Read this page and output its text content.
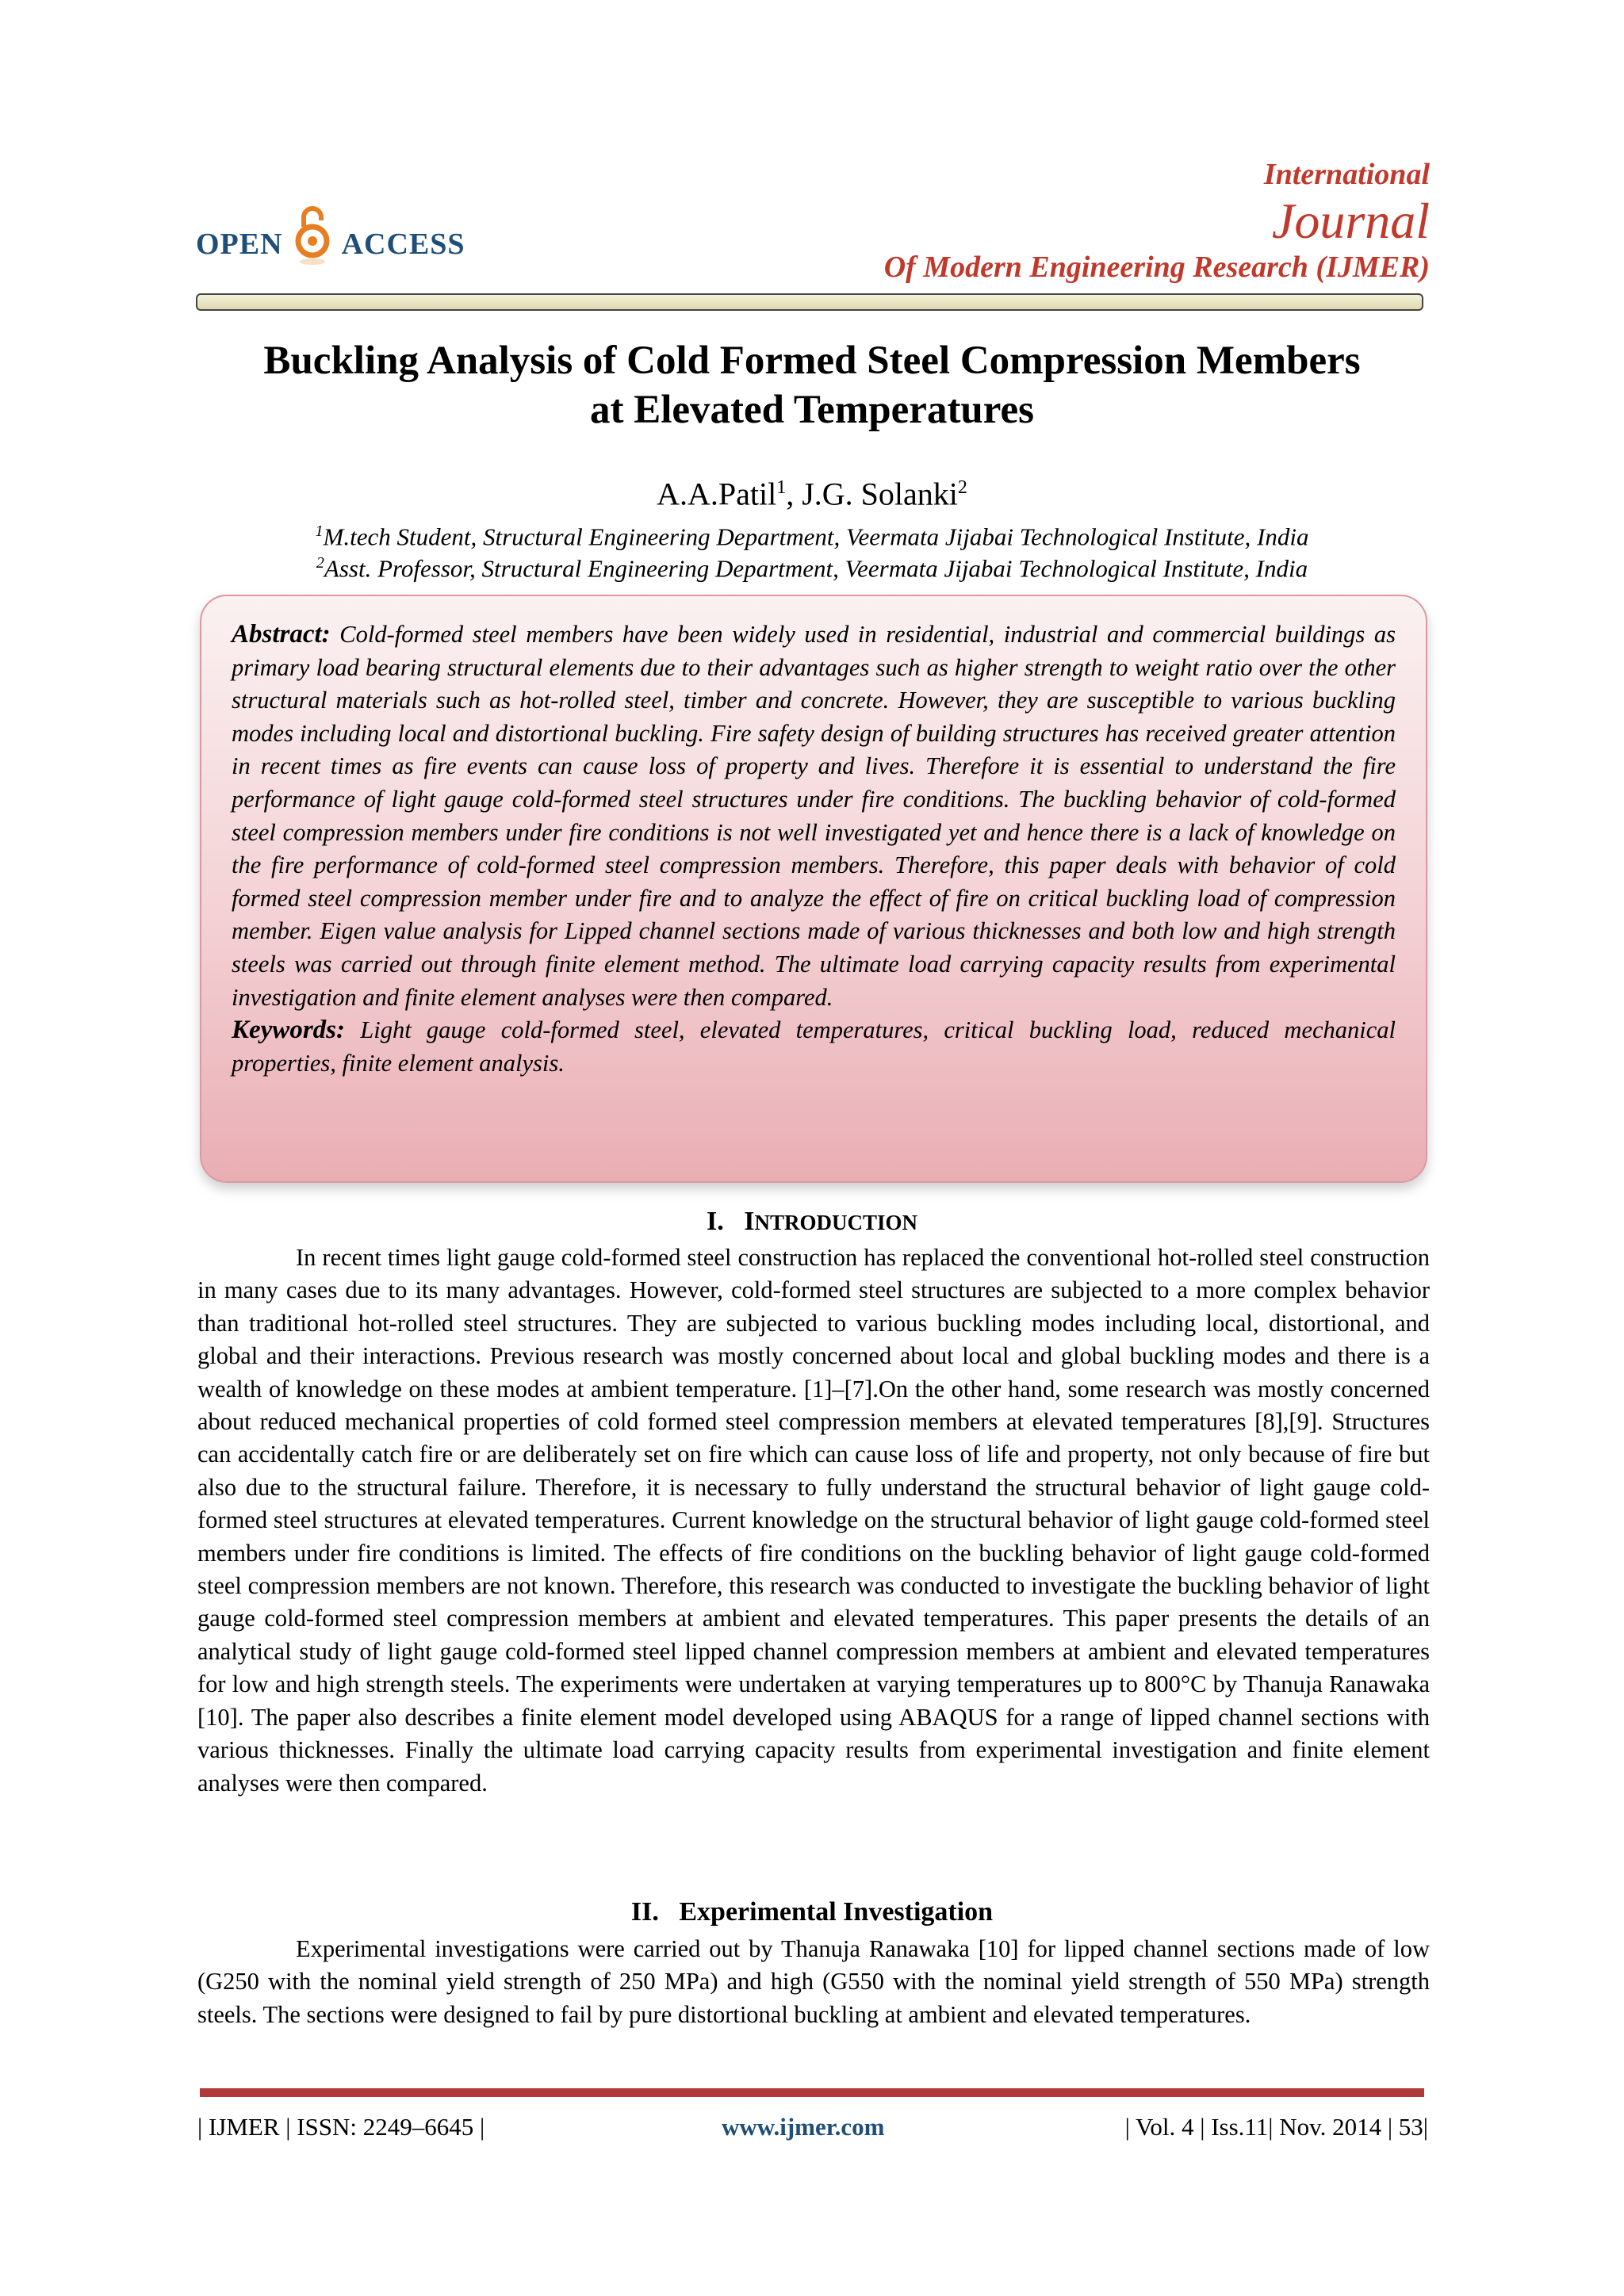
OPEN ACCESS
International
Journal
Of Modern Engineering Research (IJMER)
Buckling Analysis of Cold Formed Steel Compression Members
at Elevated Temperatures
A.A.Patil$^1$, J.G. Solanki$^2$
$^1$M.tech Student, Structural Engineering Department, Veermata Jijabai Technological Institute, India
$^2$Asst. Professor, Structural Engineering Department, Veermata Jijabai Technological Institute, India
Abstract: Cold-formed steel members have been widely used in residential, industrial and commercial buildings as primary load bearing structural elements due to their advantages such as higher strength to weight ratio over the other structural materials such as hot-rolled steel, timber and concrete. However, they are susceptible to various buckling modes including local and distortional buckling. Fire safety design of building structures has received greater attention in recent times as fire events can cause loss of property and lives. Therefore it is essential to understand the fire performance of light gauge cold-formed steel structures under fire conditions. The buckling behavior of cold-formed steel compression members under fire conditions is not well investigated yet and hence there is a lack of knowledge on the fire performance of cold-formed steel compression members. Therefore, this paper deals with behavior of cold formed steel compression member under fire and to analyze the effect of fire on critical buckling load of compression member. Eigen value analysis for Lipped channel sections made of various thicknesses and both low and high strength steels was carried out through finite element method. The ultimate load carrying capacity results from experimental investigation and finite element analyses were then compared.
Keywords: Light gauge cold-formed steel, elevated temperatures, critical buckling load, reduced mechanical properties, finite element analysis.
I. INTRODUCTION

In recent times light gauge cold-formed steel construction has replaced the conventional hot-rolled steel construction in many cases due to its many advantages. However, cold-formed steel structures are subjected to a more complex behavior than traditional hot-rolled steel structures. They are subjected to various buckling modes including local, distortional, and global and their interactions. Previous research was mostly concerned about local and global buckling modes and there is a wealth of knowledge on these modes at ambient temperature. [1]–[7].On the other hand, some research was mostly concerned about reduced mechanical properties of cold formed steel compression members at elevated temperatures [8],[9]. Structures can accidentally catch fire or are deliberately set on fire which can cause loss of life and property, not only because of fire but also due to the structural failure. Therefore, it is necessary to fully understand the structural behavior of light gauge cold-formed steel structures at elevated temperatures. Current knowledge on the structural behavior of light gauge cold-formed steel members under fire conditions is limited. The effects of fire conditions on the buckling behavior of light gauge cold-formed steel compression members are not known. Therefore, this research was conducted to investigate the buckling behavior of light gauge cold-formed steel compression members at ambient and elevated temperatures. This paper presents the details of an analytical study of light gauge cold-formed steel lipped channel compression members at ambient and elevated temperatures for low and high strength steels. The experiments were undertaken at varying temperatures up to 800°C by Thanuja Ranawaka [10]. The paper also describes a finite element model developed using ABAQUS for a range of lipped channel sections with various thicknesses. Finally the ultimate load carrying capacity results from experimental investigation and finite element analyses were then compared.

II. Experimental Investigation

Experimental investigations were carried out by Thanuja Ranawaka [10] for lipped channel sections made of low (G250 with the nominal yield strength of 250 MPa) and high (G550 with the nominal yield strength of 550 MPa) strength steels. The sections were designed to fail by pure distortional buckling at ambient and elevated temperatures.

| IJMER | ISSN: 2249–6645 |	www.ijmer.com	| Vol. 4 | Iss.11| Nov. 2014 | 53|
